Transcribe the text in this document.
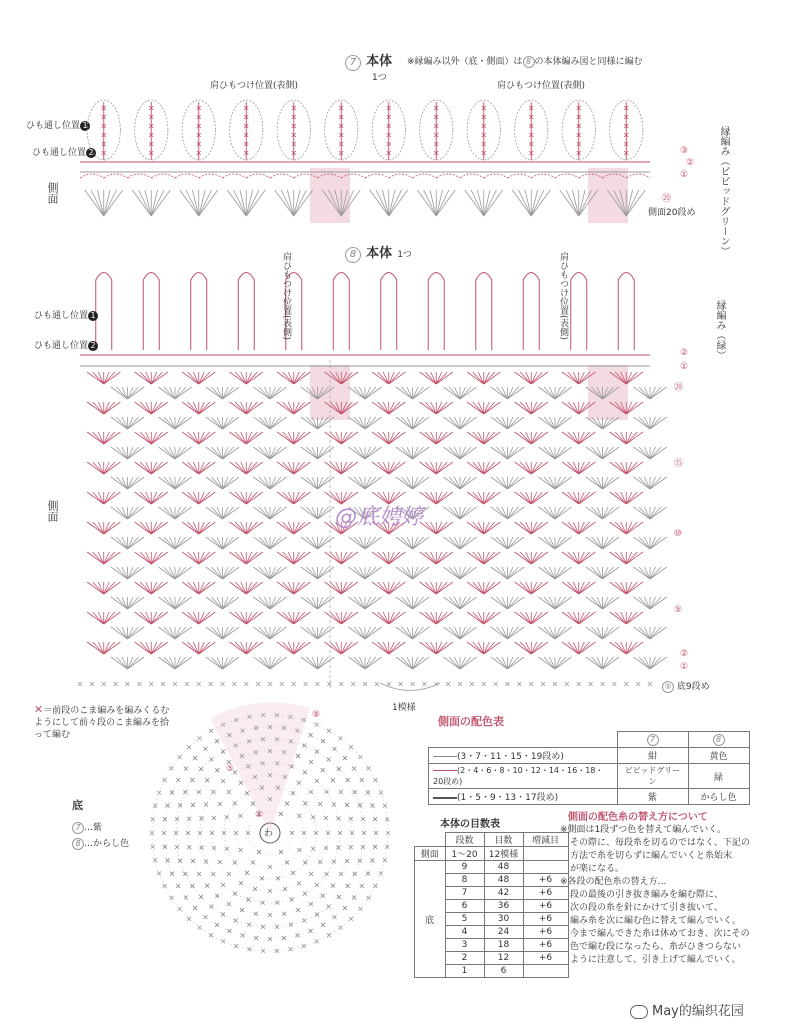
7 本体 ※縁編み以外（底・側面）は 8 の本体編み図と同様に編む
1つ
肩ひもつけ位置(表側)	肩ひもつけ位置(表側)
ひも通し位置 1
ひも通し位置 2
側面	縁編み（ビビッドグリーン）
③
②
①
⑳
側面20段め
8 本体 1つ
肩ひもつけ位置(表側)	肩ひもつけ位置(表側)
ひも通し位置 1
ひも通し位置 2
側面
縁編み（緑）
②
①
⑳
⑮
⑩
⑤
②
①
⑨ 底9段め
1模様
@底娉婷
✕＝前段のこま編みを編みくるむようにして前々段のこま編みを拾って編む
底
7 …紫
8 …からし色
わ
①
⑤
⑨	側面の配色表
	7	8
(3・7・11・15・19段め)	紺	黄色
(2・4・6・8・10・12・14・16・18・20段め)	ビビッドグリーン	緑
(1・5・9・13・17段め)	紫	からし色
本体の目数表
	段数	目数	増減目
側面	1〜20	12模様	
底	9	48	
	8	48	+6
	7	42	+6
	6	36	+6
	5	30	+6
	4	24	+6
	3	18	+6
	2	12	+6
	1	6	
側面の配色糸の替え方について
※側面は1段ずつ色を替えて編んでいく。
その際に、毎段糸を切るのではなく、下記の
方法で糸を切らずに編んでいくと糸始末
が楽になる。
※各段の配色糸の替え方…
段の最後の引き抜き編みを編む際に、
次の段の糸を針にかけて引き抜いて、
編み糸を次に編む色に替えて編んでいく。
今まで編んできた糸は休めておき、次にその
色で編む段になったら、糸がひきつらない
ように注意して、引き上げて編んでいく。
May的编织花园
